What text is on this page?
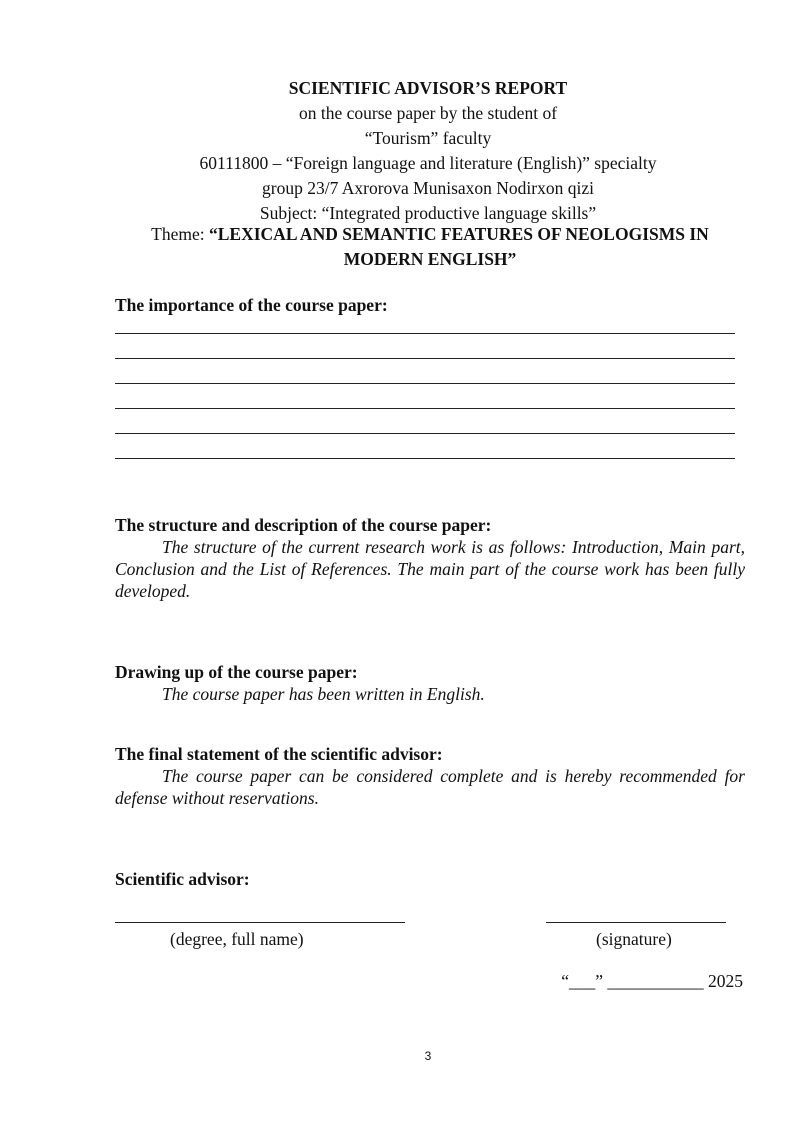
SCIENTIFIC ADVISOR’S REPORT
on the course paper by the student of
“Tourism” faculty
60111800 – “Foreign language and literature (English)” specialty
group 23/7 Axrorova Munisaxon Nodirxon qizi
Subject: “Integrated productive language skills”
Theme: “LEXICAL AND SEMANTIC FEATURES OF NEOLOGISMS IN MODERN ENGLISH”
The importance of the course paper:
The structure and description of the course paper:
The structure of the current research work is as follows: Introduction, Main part, Conclusion and the List of References. The main part of the course work has been fully developed.
Drawing up of the course paper:
The course paper has been written in English.
The final statement of the scientific advisor:
The course paper can be considered complete and is hereby recommended for defense without reservations.
Scientific advisor:
(degree, full name)	(signature)
“___” ___________ 2025
3
